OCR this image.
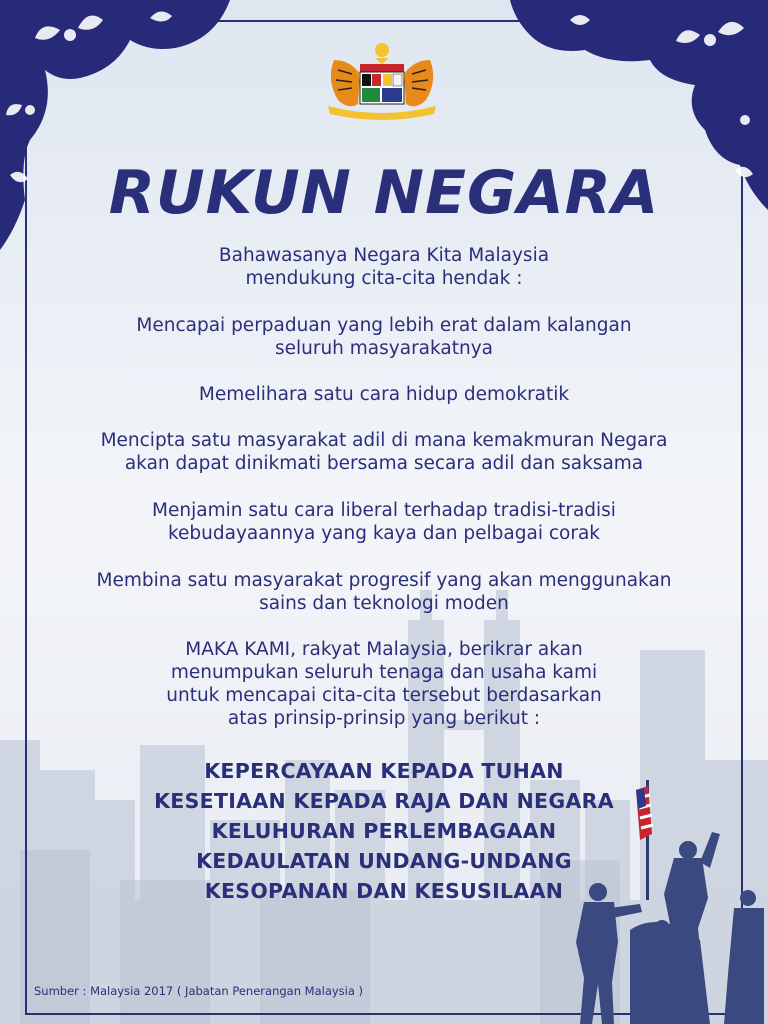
RUKUN NEGARA
Bahawasanya Negara Kita Malaysia
mendukung cita-cita hendak :
Mencapai perpaduan yang lebih erat dalam kalangan
seluruh masyarakatnya
Memelihara satu cara hidup demokratik
Mencipta satu masyarakat adil di mana kemakmuran Negara
akan dapat dinikmati bersama secara adil dan saksama
Menjamin satu cara liberal terhadap tradisi-tradisi
kebudayaannya yang kaya dan pelbagai corak
Membina satu masyarakat progresif yang akan menggunakan
sains dan teknologi moden
MAKA KAMI, rakyat Malaysia, berikrar akan
menumpukan seluruh tenaga dan usaha kami
untuk mencapai cita-cita tersebut berdasarkan
atas prinsip-prinsip yang berikut :
KEPERCAYAAN KEPADA TUHAN
KESETIAAN KEPADA RAJA DAN NEGARA
KELUHURAN PERLEMBAGAAN
KEDAULATAN UNDANG-UNDANG
KESOPANAN DAN KESUSILAAN
Sumber : Malaysia 2017 ( Jabatan Penerangan Malaysia )
